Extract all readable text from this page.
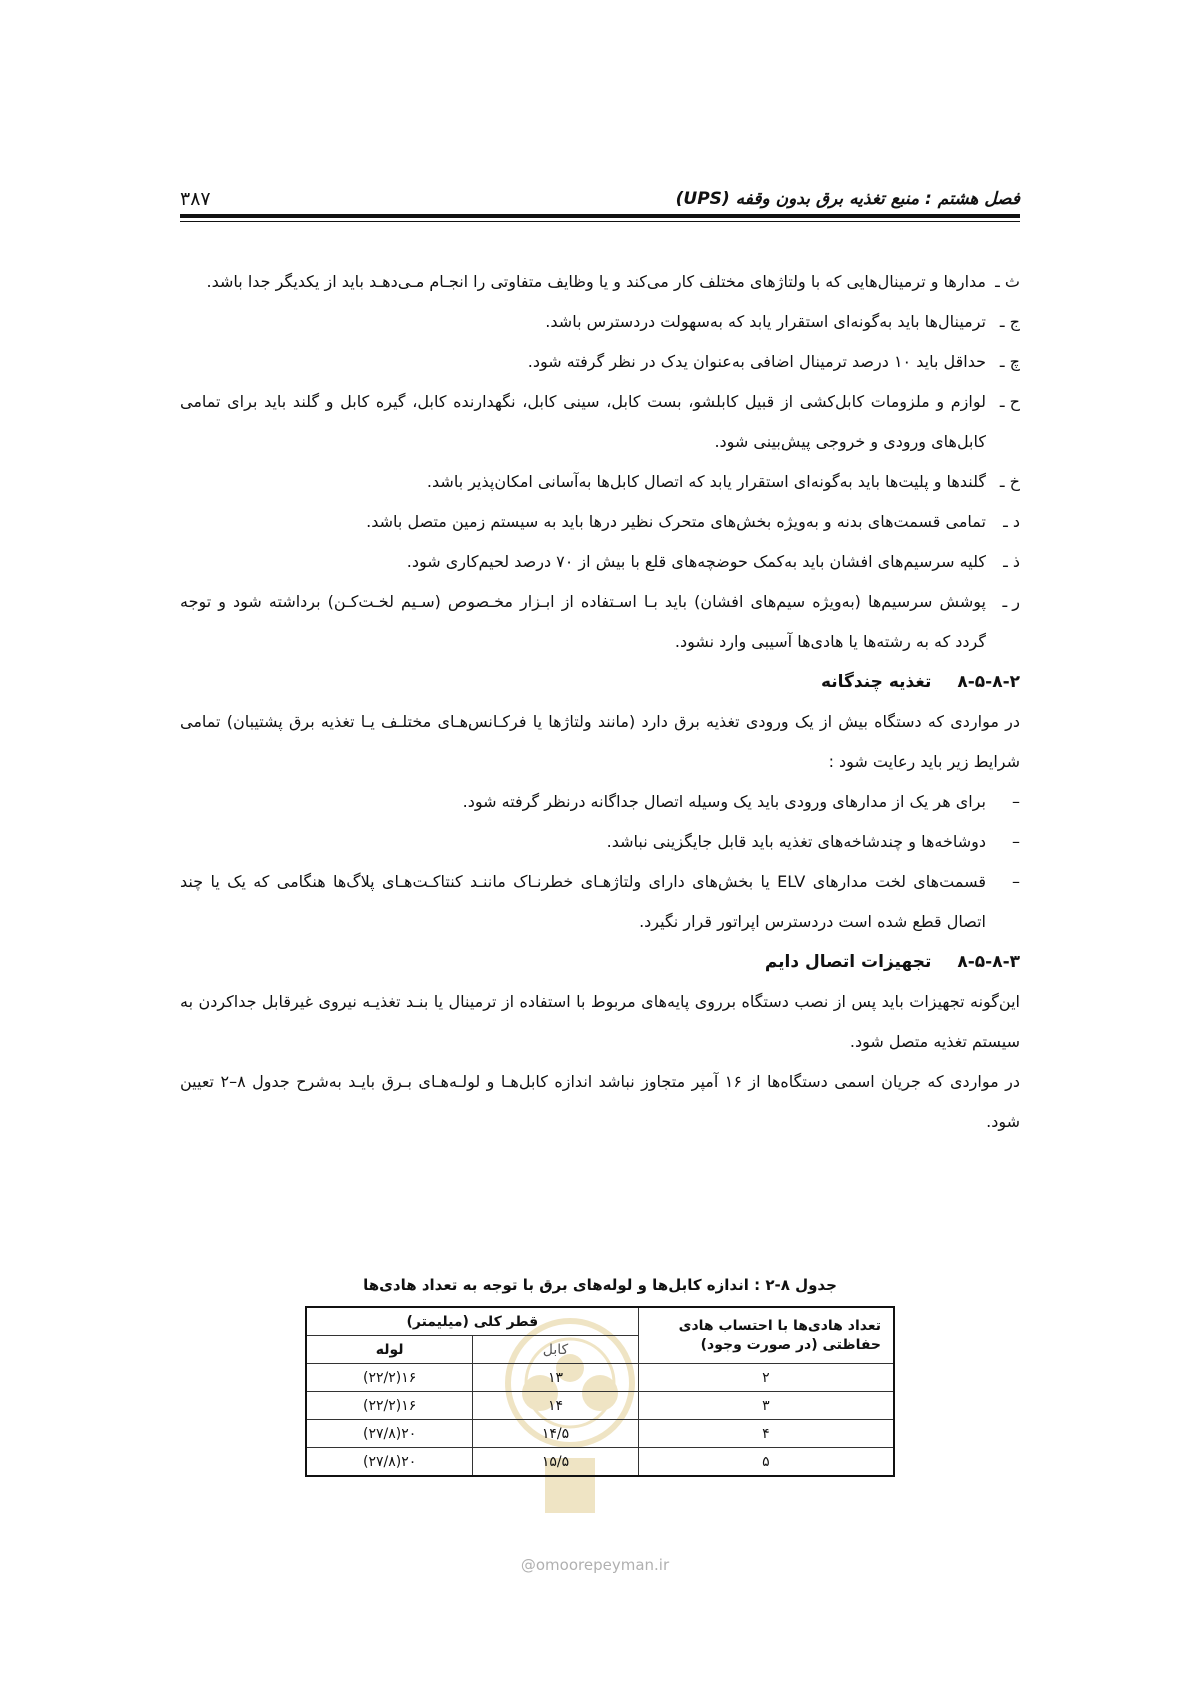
فصل هشتم : منبع تغذیه برق بدون وقفه (UPS)
۳۸۷
ث ـ
مدارها و ترمینال‌هایی که با ولتاژهای مختلف کار می‌کند و یا وظایف متفاوتی را انجـام مـی‌دهـد باید از یکدیگر جدا باشد.
ج ـ
ترمینال‌ها باید به‌گونه‌ای استقرار یابد که به‌سهولت دردسترس باشد.
چ ـ
حداقل باید ۱۰ درصد ترمینال اضافی به‌عنوان یدک در نظر گرفته شود.
ح ـ
لوازم و ملزومات کابل‌کشی از قبیل کابلشو، بست کابل، سینی کابل، نگهدارنده کابل، گیره کابل و گلند باید برای تمامی کابل‌های ورودی و خروجی پیش‌بینی شود.
خ ـ
گلندها و پلیت‌ها باید به‌گونه‌ای استقرار یابد که اتصال کابل‌ها به‌آسانی امکان‌پذیر باشد.
د ـ
تمامی قسمت‌های بدنه و به‌ویژه بخش‌های متحرک نظیر درها باید به سیستم زمین متصل باشد.
ذ ـ
کلیه سرسیم‌های افشان باید به‌کمک حوضچه‌های قلع با بیش از ۷۰ درصد لحیم‌کاری شود.
ر ـ
پوشش سرسیم‌ها (به‌ویژه سیم‌های افشان) باید بـا اسـتفاده از ابـزار مخـصوص (سـیم لخـت‌کـن) برداشته شود و توجه گردد که به رشته‌ها یا هادی‌ها آسیبی وارد نشود.
۸-۵-۸-۲
تغذیه چندگانه
در مواردی که دستگاه بیش از یک ورودی تغذیه برق دارد (مانند ولتاژها یا فرکـانس‌هـای مختلـف یـا تغذیه برق پشتیبان) تمامی شرایط زیر باید رعایت شود :
–
برای هر یک از مدارهای ورودی باید یک وسیله اتصال جداگانه درنظر گرفته شود.
–
دوشاخه‌ها و چندشاخه‌های تغذیه باید قابل جایگزینی نباشد.
–
قسمت‌های لخت مدارهای ELV یا بخش‌های دارای ولتاژهـای خطرنـاک ماننـد کنتاکـت‌هـای پلاگ‌ها هنگامی که یک یا چند اتصال قطع شده است دردسترس اپراتور قرار نگیرد.
۸-۵-۸-۳
تجهیزات اتصال دایم
این‌گونه تجهیزات باید پس از نصب دستگاه برروی پایه‌های مربوط با استفاده از ترمینال یا بنـد تغذیـه نیروی غیرقابل جداکردن به سیستم تغذیه متصل شود.
در مواردی که جریان اسمی دستگاه‌ها از ۱۶ آمپر متجاوز نباشد اندازه کابل‌هـا و لولـه‌هـای بـرق بایـد به‌شرح جدول ۸–۲ تعیین شود.
@omoorepeyman.ir
جدول ۸-۲ : اندازه کابل‌ها و لوله‌های برق با توجه به تعداد هادی‌ها
تعداد هادی‌ها با احتساب هادی حفاظتی (در صورت وجود)	قطر کلی (میلیمتر)	
	کابل	لوله
۲	۱۳	۱۶(۲۲/۲)
۳	۱۴	۱۶(۲۲/۲)
۴	۱۴/۵	۲۰(۲۷/۸)
۵	۱۵/۵	۲۰(۲۷/۸)
